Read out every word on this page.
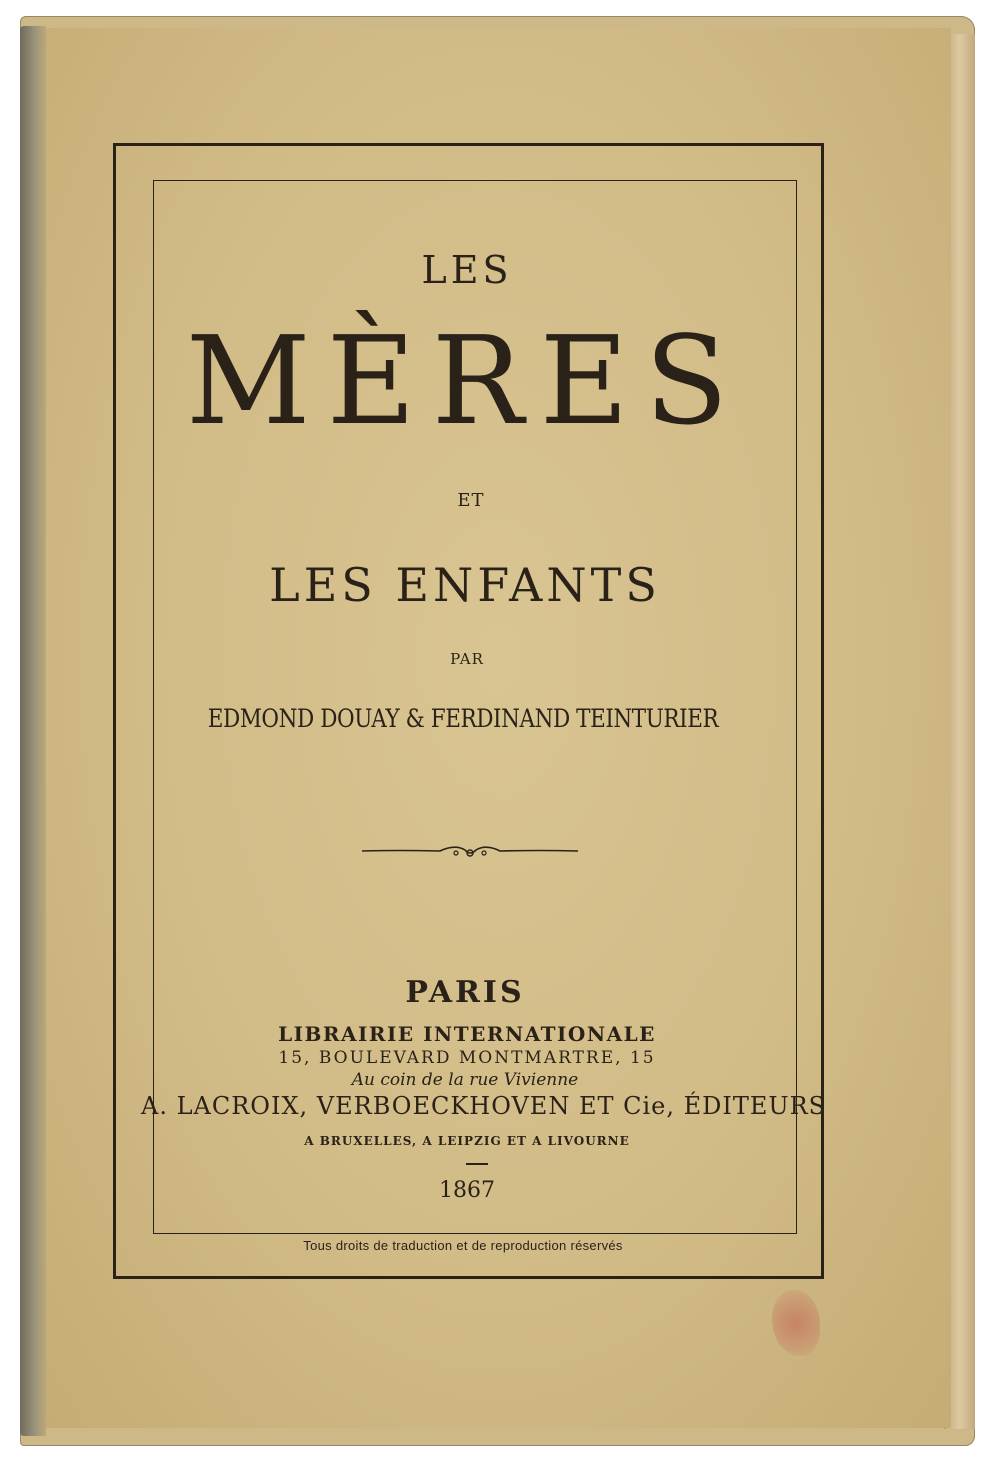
LES
MÈRES
ET
LES ENFANTS
PAR
EDMOND DOUAY & FERDINAND TEINTURIER
PARIS
LIBRAIRIE INTERNATIONALE
15, BOULEVARD MONTMARTRE, 15
Au coin de la rue Vivienne
A. LACROIX, VERBOECKHOVEN ET Cie, ÉDITEURS
A BRUXELLES, A LEIPZIG ET A LIVOURNE
1867
Tous droits de traduction et de reproduction réservés
